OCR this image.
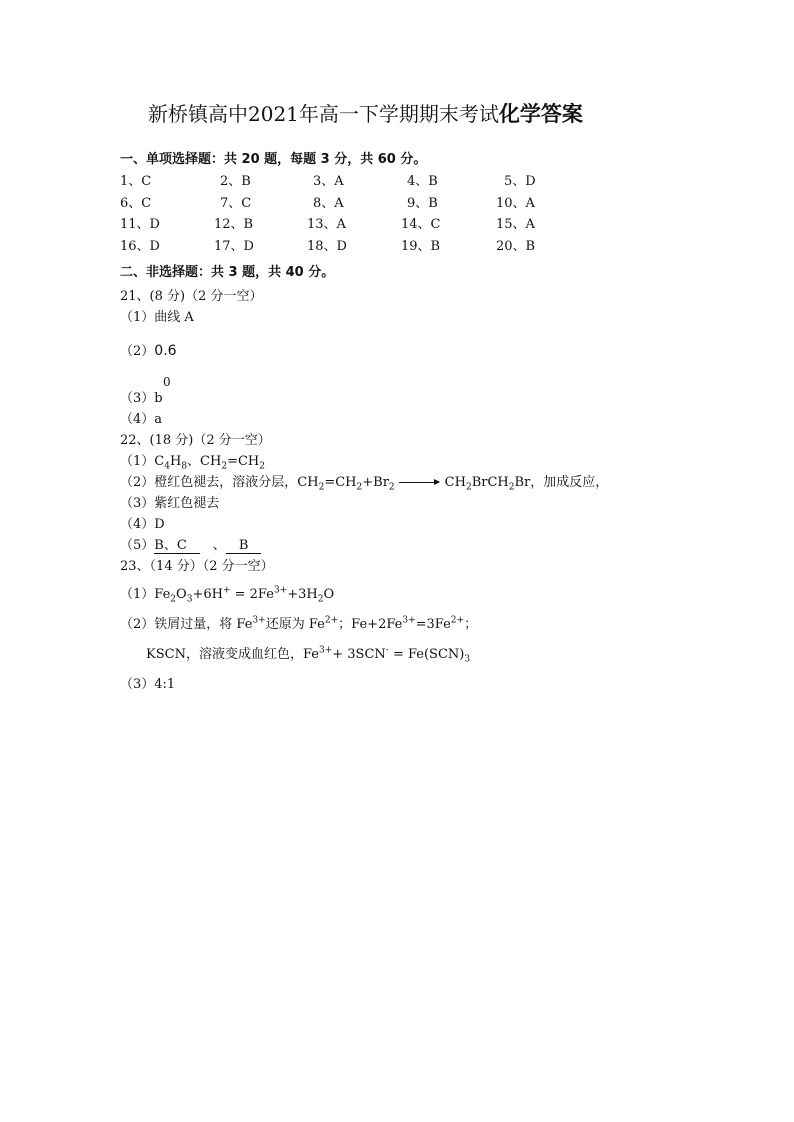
新桥镇高中2021年高一下学期期末考试化学答案
一、单项选择题：共 20 题，每题 3 分，共 60 分。
1、C	2、B	3、A	4、B	5、D
6、C	7、C	8、A	9、B	10、A
11、D	12、B	13、A	14、C	15、A
16、D	17、D	18、D	19、B	20、B
二、非选择题：共 3 题，共 40 分。
21、(8 分)（2 分一空）
（1）曲线 A
（2）0.6
0
（3）b
（4）a
22、(18 分)（2 分一空）
$(1)C_4H_8$、$CH_2=CH_2$
（2）橙红色褪去，溶液分层，$CH_2=CH_2+Br_2$ → $CH_2BrCH_2Br$，加成反应，
（3）紫红色褪去
（4）D
（5）B、C　　、　B　
23、（14 分）（2 分一空）
$(1)Fe_2O_3+6H^+ = 2Fe^{3+}+3H_2O$
（2）铁屑过量，将 $Fe^{3+}$还原为 $Fe^{2+}$；$Fe+2Fe^{3+}=3Fe^{2+}$；
KSCN，溶液变成血红色，$Fe^{3+}+ 3SCN^- = Fe(SCN)_3$
（3）4:1
